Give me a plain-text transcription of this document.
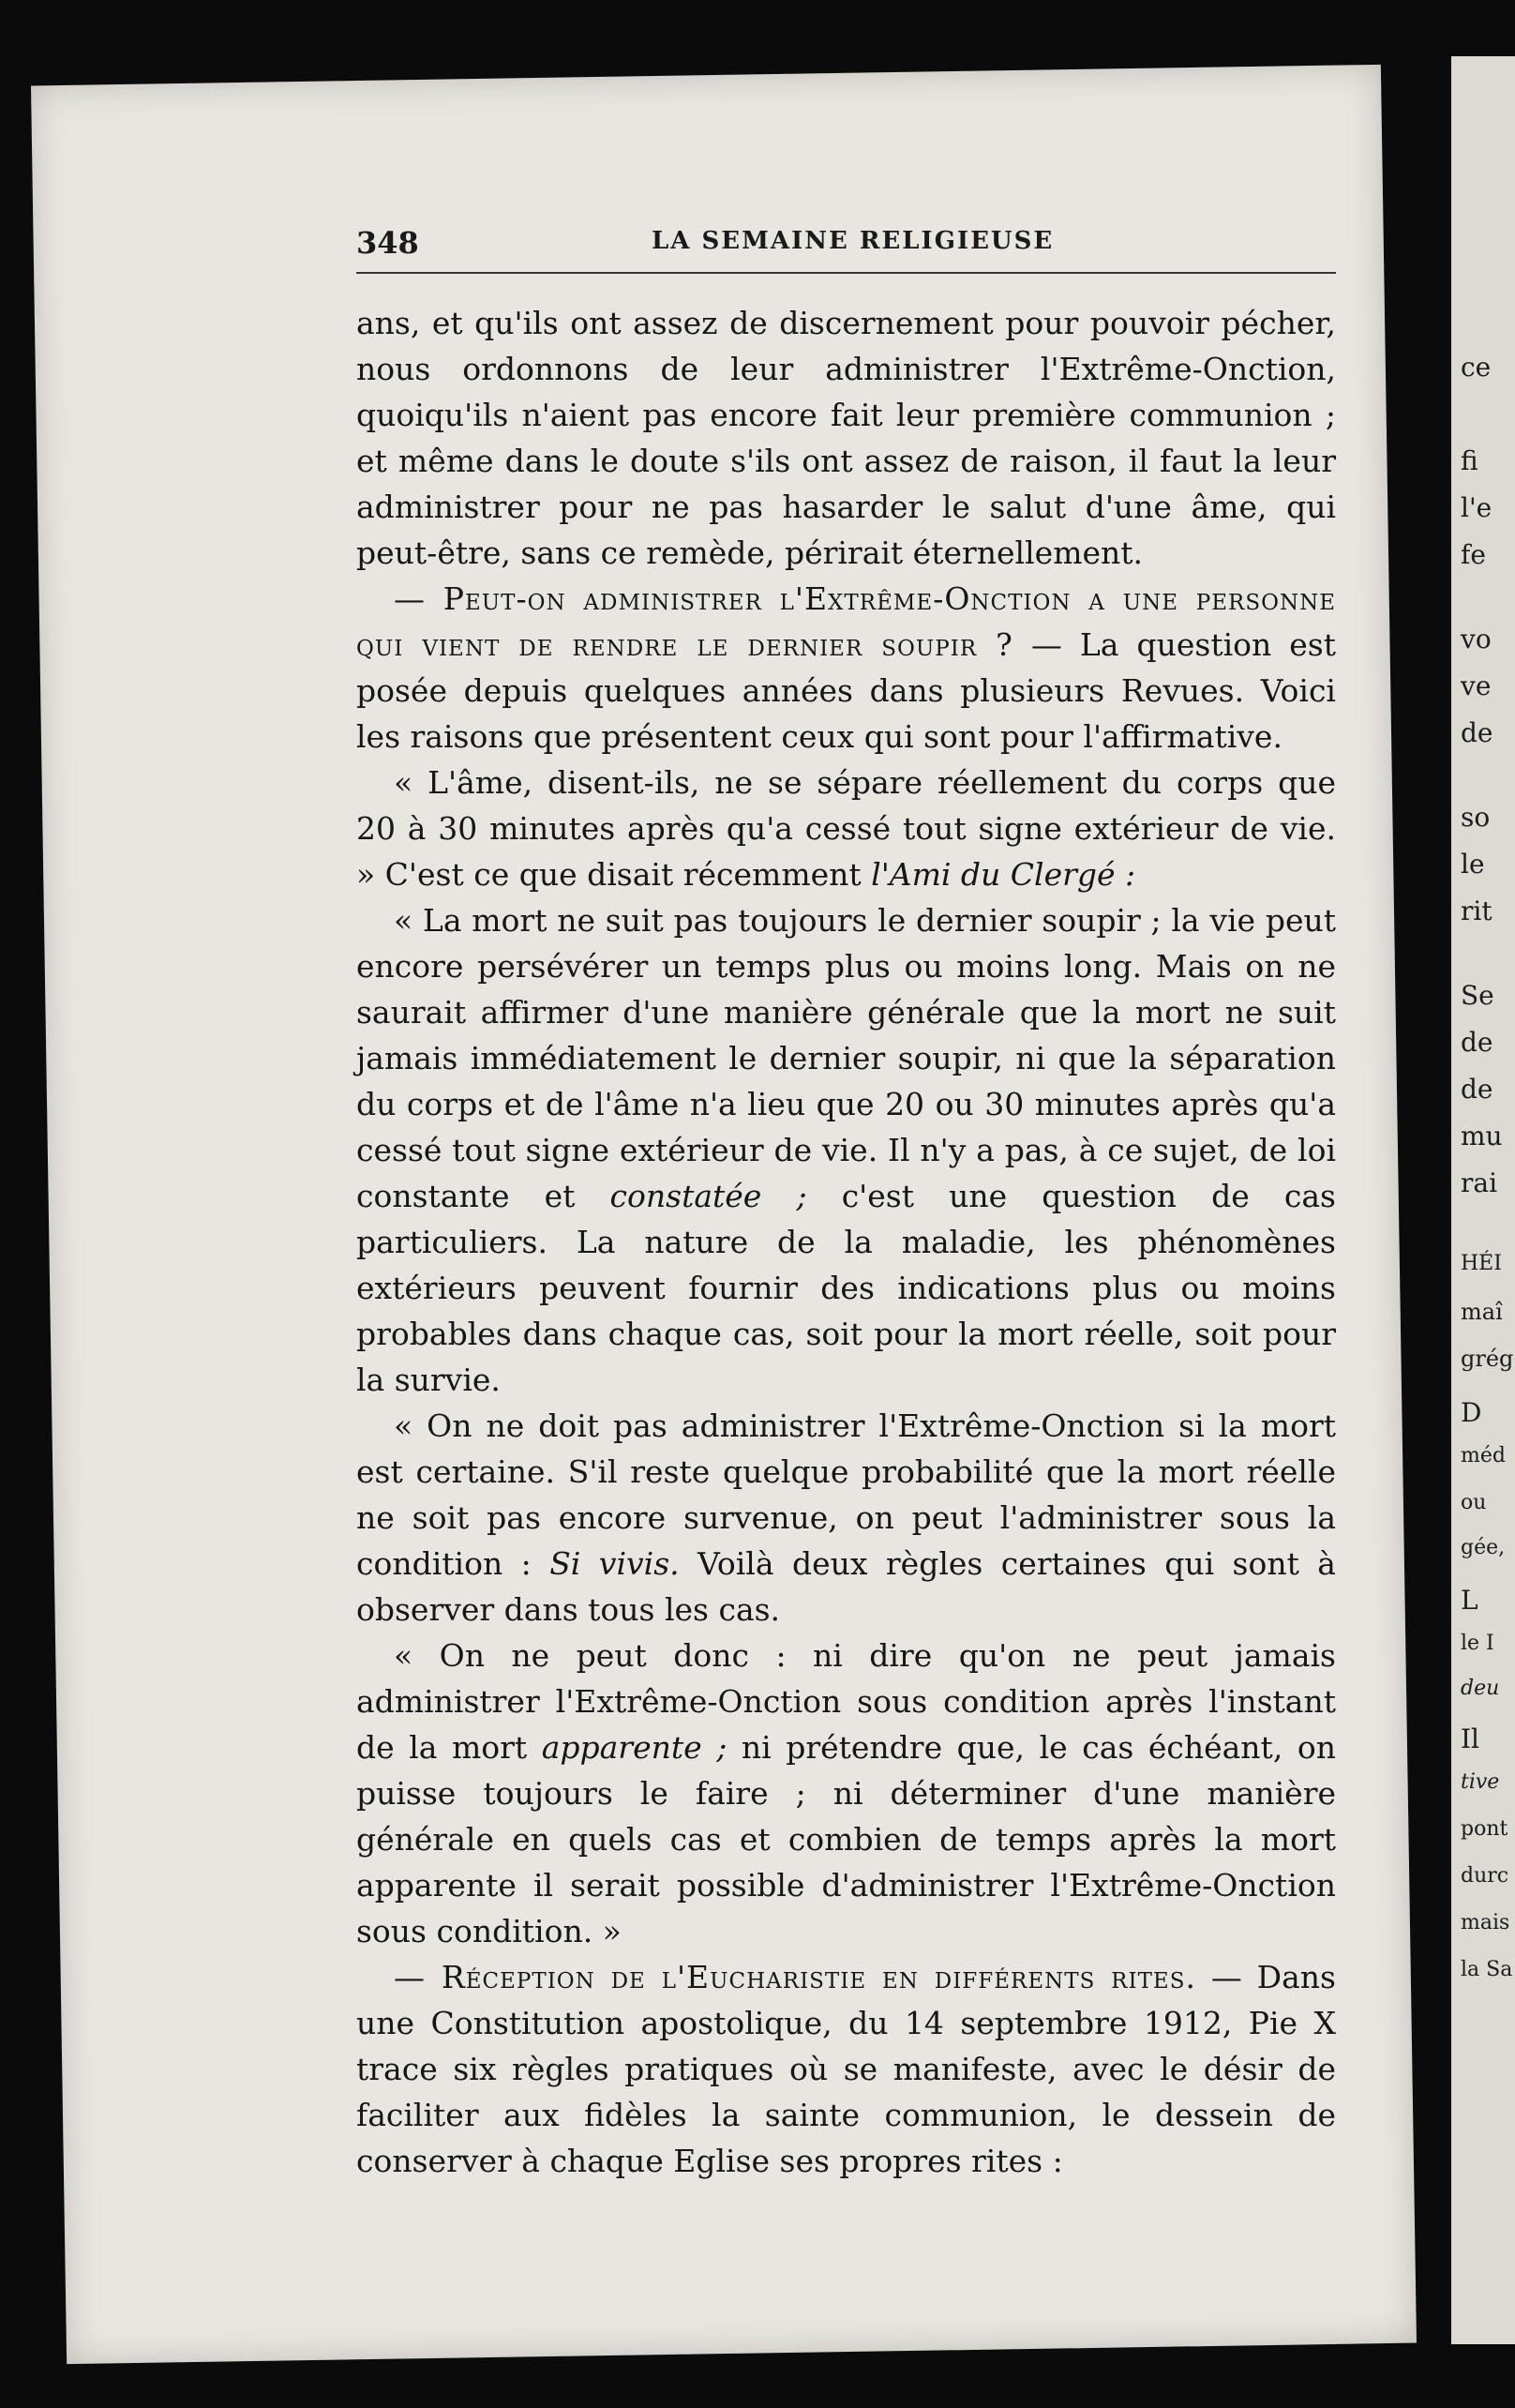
348	LA SEMAINE RELIGIEUSE

ans, et qu'ils ont assez de discernement pour pouvoir pécher, nous ordonnons de leur administrer l'Extrême-Onction, quoiqu'ils n'aient pas encore fait leur première communion ; et même dans le doute s'ils ont assez de raison, il faut la leur administrer pour ne pas hasarder le salut d'une âme, qui peut-être, sans ce remède, périrait éternellement.

— Peut-on administrer l'Extrême-Onction a une personne qui vient de rendre le dernier soupir ? — La question est posée depuis quelques années dans plusieurs Revues. Voici les raisons que présentent ceux qui sont pour l'affirmative.

« L'âme, disent-ils, ne se sépare réellement du corps que 20 à 30 minutes après qu'a cessé tout signe extérieur de vie. » C'est ce que disait récemment l'Ami du Clergé :

« La mort ne suit pas toujours le dernier soupir ; la vie peut encore persévérer un temps plus ou moins long. Mais on ne saurait affirmer d'une manière générale que la mort ne suit jamais immédiatement le dernier soupir, ni que la séparation du corps et de l'âme n'a lieu que 20 ou 30 minutes après qu'a cessé tout signe extérieur de vie. Il n'y a pas, à ce sujet, de loi constante et constatée ; c'est une question de cas particuliers. La nature de la maladie, les phénomènes extérieurs peuvent fournir des indications plus ou moins probables dans chaque cas, soit pour la mort réelle, soit pour la survie.

« On ne doit pas administrer l'Extrême-Onction si la mort est certaine. S'il reste quelque probabilité que la mort réelle ne soit pas encore survenue, on peut l'administrer sous la condition : Si vivis. Voilà deux règles certaines qui sont à observer dans tous les cas.

« On ne peut donc : ni dire qu'on ne peut jamais administrer l'Extrême-Onction sous condition après l'instant de la mort apparente ; ni prétendre que, le cas échéant, on puisse toujours le faire ; ni déterminer d'une manière générale en quels cas et combien de temps après la mort apparente il serait possible d'administrer l'Extrême-Onction sous condition. »

— Réception de l'Eucharistie en différents rites. — Dans une Constitution apostolique, du 14 septembre 1912, Pie X trace six règles pratiques où se manifeste, avec le désir de faciliter aux fidèles la sainte communion, le dessein de conserver à chaque Eglise ses propres rites :

ce
fi
l'e
fe
vo
ve
de
so
le
rit
Se
de
de
mu
rai
HÉI
maî
grég
D
méd
ou
gée,
L
le I
deu
Il
tive
pont
durc
mais
la Sa
